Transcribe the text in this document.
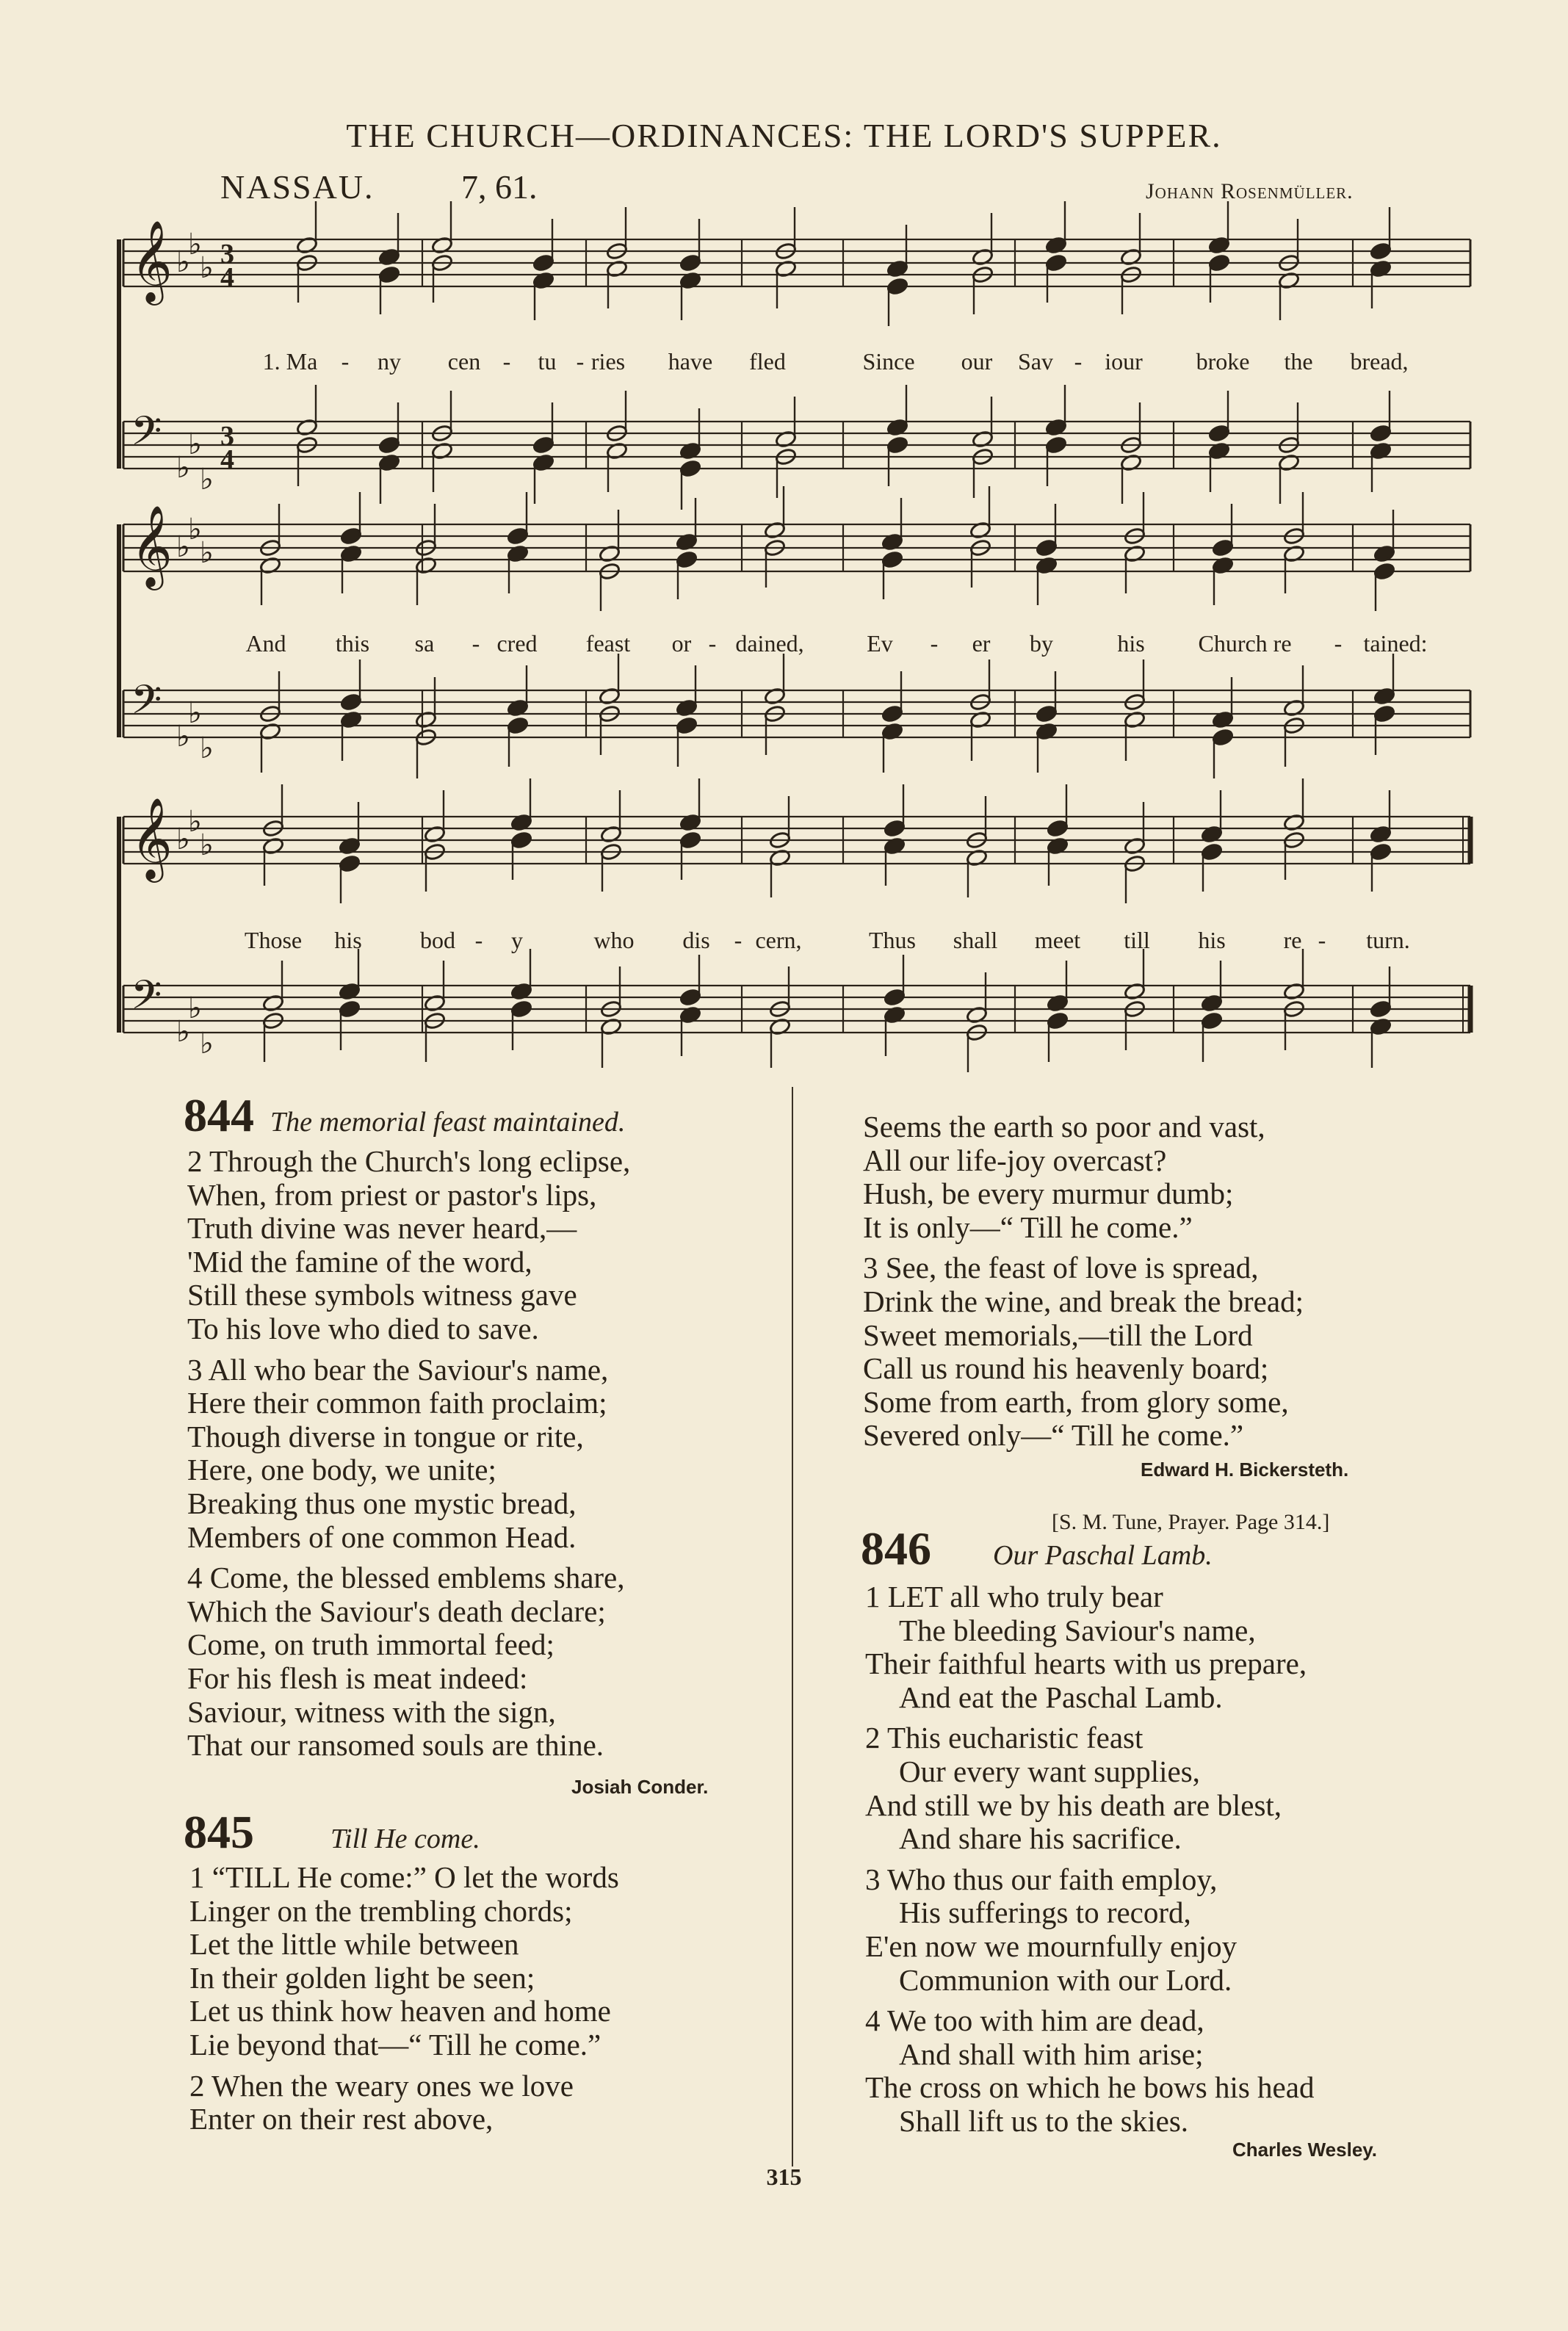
THE CHURCH—ORDINANCES: THE LORD'S SUPPER.
NASSAU.	7, 61.	Johann Rosenmüller.
𝄞 ♭
♭
♭ 3
4
𝄢
♭
♭
♭
3
4
𝄞 ♭
♭
♭
𝄢
♭
♭
♭
𝄞 ♭
♭
♭
𝄢
♭
♭
♭
1. Ma - ny cen - tu - ries have fled	Since our Sav - iour broke the bread,
And this sa - cred feast or - dained,	Ev - er by	his Church re - tained:
Those his bod - y	who dis - cern,	Thus shall meet till his re - turn.
844 The memorial feast maintained.
2 Through the Church's long eclipse,
When, from priest or pastor's lips,
Truth divine was never heard,—
'Mid the famine of the word,
Still these symbols witness gave
To his love who died to save.
3 All who bear the Saviour's name,
Here their common faith proclaim;
Though diverse in tongue or rite,
Here, one body, we unite;
Breaking thus one mystic bread,
Members of one common Head.
4 Come, the blessed emblems share,
Which the Saviour's death declare;
Come, on truth immortal feed;
For his flesh is meat indeed:
Saviour, witness with the sign,
That our ransomed souls are thine.
Josiah Conder.
845	Till He come.
1 “TILL He come:” O let the words
Linger on the trembling chords;
Let the little while between
In their golden light be seen;
Let us think how heaven and home
Lie beyond that—“ Till he come.”
2 When the weary ones we love
Enter on their rest above,
Seems the earth so poor and vast,
All our life-joy overcast?
Hush, be every murmur dumb;
It is only—“ Till he come.”
3 See, the feast of love is spread,
Drink the wine, and break the bread;
Sweet memorials,—till the Lord
Call us round his heavenly board;
Some from earth, from glory some,
Severed only—“ Till he come.”
Edward H. Bickersteth.
[S. M. Tune, Prayer. Page 314.]
846 Our Paschal Lamb.
1 LET all who truly bear
The bleeding Saviour's name,
Their faithful hearts with us prepare,
And eat the Paschal Lamb.
2 This eucharistic feast
Our every want supplies,
And still we by his death are blest,
And share his sacrifice.
3 Who thus our faith employ,
His sufferings to record,
E'en now we mournfully enjoy
Communion with our Lord.
4 We too with him are dead,
And shall with him arise;
The cross on which he bows his head
Shall lift us to the skies.
Charles Wesley.
315
